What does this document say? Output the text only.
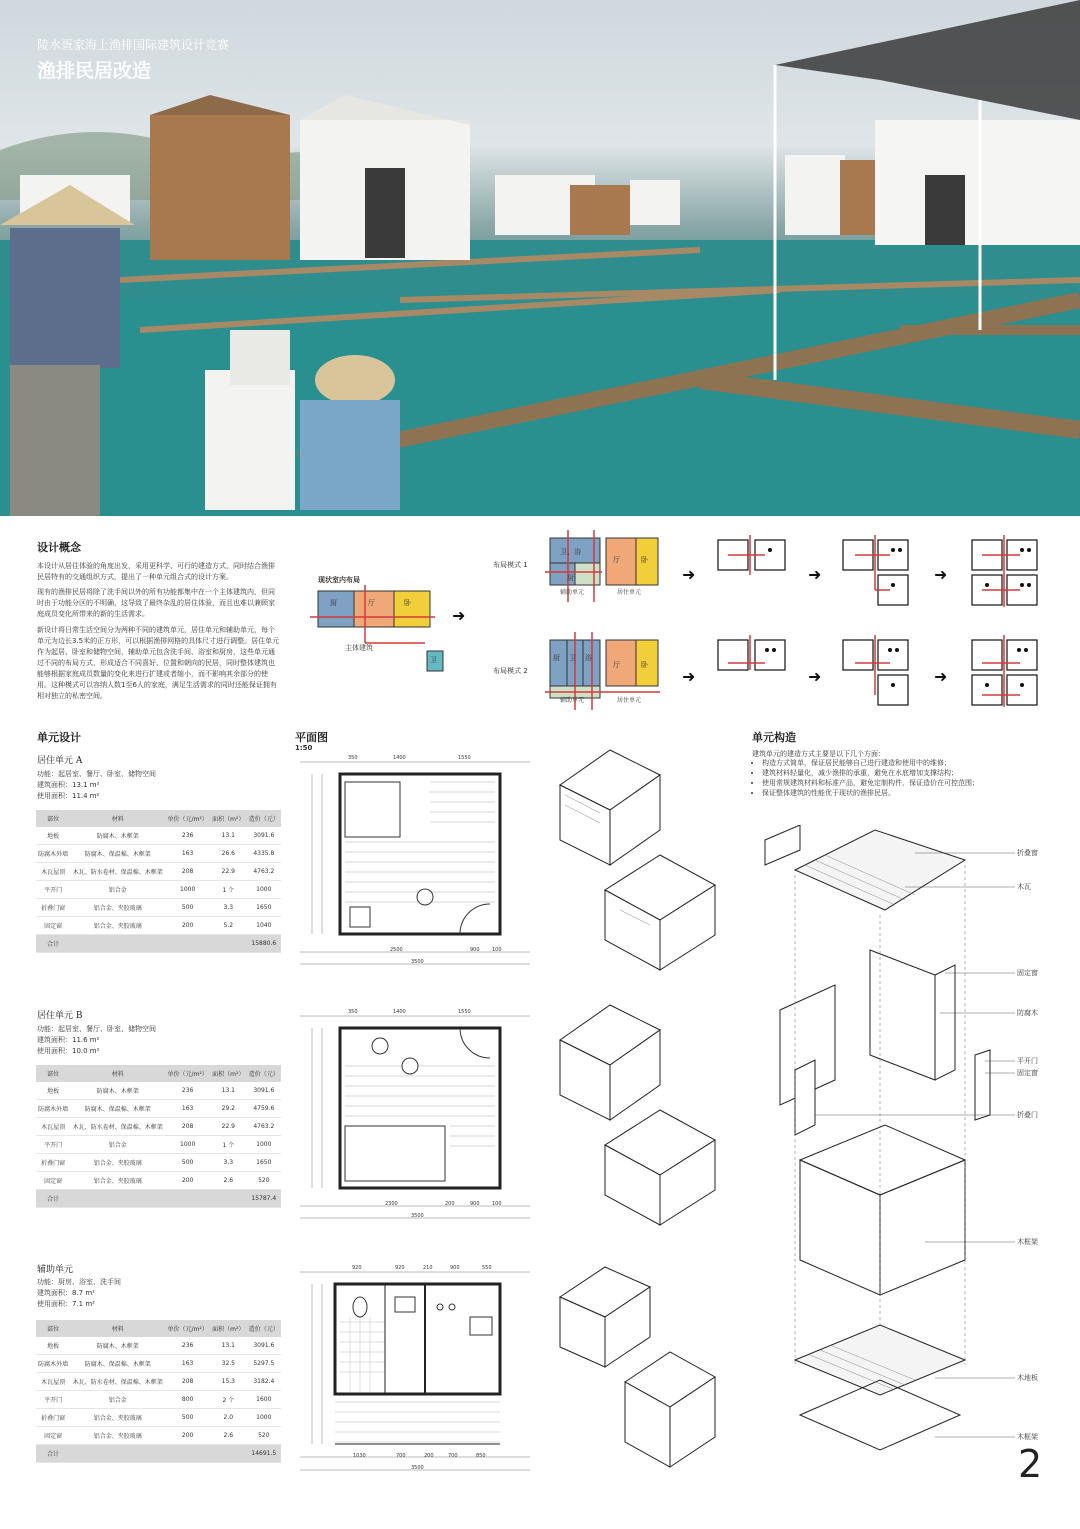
陵水疍家海上渔排国际建筑设计竞赛
渔排民居改造
设计概念
本设计从居住体验的角度出发，采用更科学、可行的建造方式，同时结合渔排民居特有的交通组织方式，提出了一种单元组合式的设计方案。
现有的渔排民居将除了洗手间以外的所有功能都集中在一个主体建筑内，但同时由于功能分区的不明确，这导致了最终杂乱的居住体验，而且也难以兼顾家庭成员变化所带来的新的生活需求。
新设计将日常生活空间分为两种不同的建筑单元，居住单元和辅助单元，每个单元为边长3.5米的正方形，可以根据渔排网格的具体尺寸进行调整。居住单元作为起居、卧室和储物空间，辅助单元包含洗手间、浴室和厨房，这些单元通过不同的布局方式，形成适合不同喜好、位置和朝向的民居，同时整体建筑也能够根据家庭成员数量的变化来进行扩建或者缩小，而不影响其余部分的使用。这种模式可以容纳人数1至6人的家庭，满足生活需求的同时还能保证拥有相对独立的私密空间。
现状室内布局
厨	厅	卧
主体建筑
卫
➜
布局模式 1
卫、浴
厨
厅	卧
辅助单元	居住单元
布局模式 2
厨 卫 浴
厅	卧
辅助单元	居住单元
➜	➜	➜
➜	➜	➜
单元设计
居住单元 A
功能：起居室、餐厅、卧室、储物空间
建筑面积：13.1 m²
使用面积：11.4 m²
部位	材料	单价（元/m²）	面积（m²）	造价（元）
地板	防腐木、木框架	236	13.1	3091.6
防腐木外墙	防腐木、保温棉、木框架	163	26.6	4335.8
木瓦屋顶	木瓦、防水卷材、保温棉、木框架	208	22.9	4763.2
平开门	铝合金	1000	1 个	1000
折叠门窗	铝合金、夹胶玻璃	500	3.3	1650
固定窗	铝合金、夹胶玻璃	200	5.2	1040
合计				15880.6
居住单元 B
功能：起居室、餐厅、卧室、储物空间
建筑面积：11.6 m²
使用面积：10.0 m²
部位	材料	单价（元/m²）	面积（m²）	造价（元）
地板	防腐木、木框架	236	13.1	3091.6
防腐木外墙	防腐木、保温棉、木框架	163	29.2	4759.6
木瓦屋顶	木瓦、防水卷材、保温棉、木框架	208	22.9	4763.2
平开门	铝合金	1000	1 个	1000
折叠门窗	铝合金、夹胶玻璃	500	3.3	1650
固定窗	铝合金、夹胶玻璃	200	2.6	520
合计				15787.4
辅助单元
功能：厨房、浴室、洗手间
建筑面积：8.7 m²
使用面积：7.1 m²
部位	材料	单价（元/m²）	面积（m²）	造价（元）
地板	防腐木、木框架	236	13.1	3091.6
防腐木外墙	防腐木、保温棉、木框架	163	32.5	5297.5
木瓦屋顶	木瓦、防水卷材、保温棉、木框架	208	15.3	3182.4
平开门	铝合金	800	2 个	1600
折叠门窗	铝合金、夹胶玻璃	500	2.0	1000
固定窗	铝合金、夹胶玻璃	200	2.6	520
合计				14691.5
平面图
1:50
350	1400	1550
2500	900 100
3500
350	1400	1550
2300	200	900 100
3500
920	920	210	900	550
1030	700	200	700	850
3500
单元构造
建筑单元的建造方式主要是以下几个方面：
• 构造方式简单，保证居民能够自己进行建造和使用中的维修；
• 建筑材料轻量化，减少渔排的承重，避免在水底增加支撑结构；
• 使用常规建筑材料和标准产品，避免定制构件，保证造价在可控范围；
• 保证整体建筑的性能优于现状的渔排民居。
折叠窗
木瓦
固定窗
防腐木
平开门
固定窗
折叠门
木框架
木地板
木框架
2
